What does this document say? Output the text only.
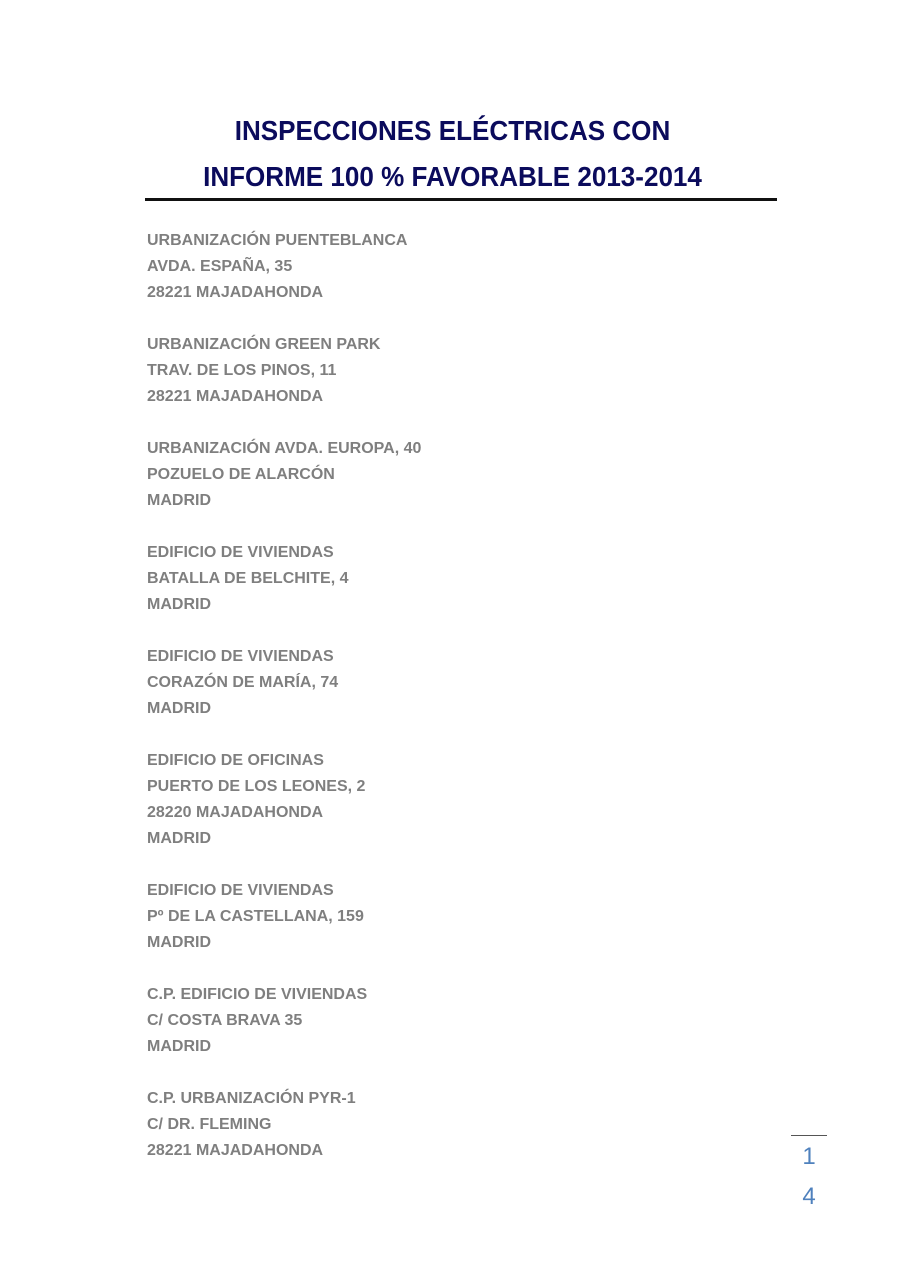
INSPECCIONES ELÉCTRICAS CON
INFORME 100 % FAVORABLE 2013-2014
URBANIZACIÓN PUENTEBLANCA
AVDA. ESPAÑA, 35
28221 MAJADAHONDA
URBANIZACIÓN GREEN PARK
TRAV. DE LOS PINOS, 11
28221 MAJADAHONDA
URBANIZACIÓN AVDA. EUROPA, 40
POZUELO DE ALARCÓN
MADRID
EDIFICIO DE VIVIENDAS
BATALLA DE BELCHITE, 4
MADRID
EDIFICIO DE VIVIENDAS
CORAZÓN DE MARÍA, 74
MADRID
EDIFICIO DE OFICINAS
PUERTO DE LOS LEONES, 2
28220 MAJADAHONDA
MADRID
EDIFICIO DE VIVIENDAS
Pº DE LA CASTELLANA, 159
MADRID
C.P. EDIFICIO DE VIVIENDAS
C/ COSTA BRAVA 35
MADRID
C.P. URBANIZACIÓN PYR-1
C/ DR. FLEMING
28221 MAJADAHONDA	1
4
